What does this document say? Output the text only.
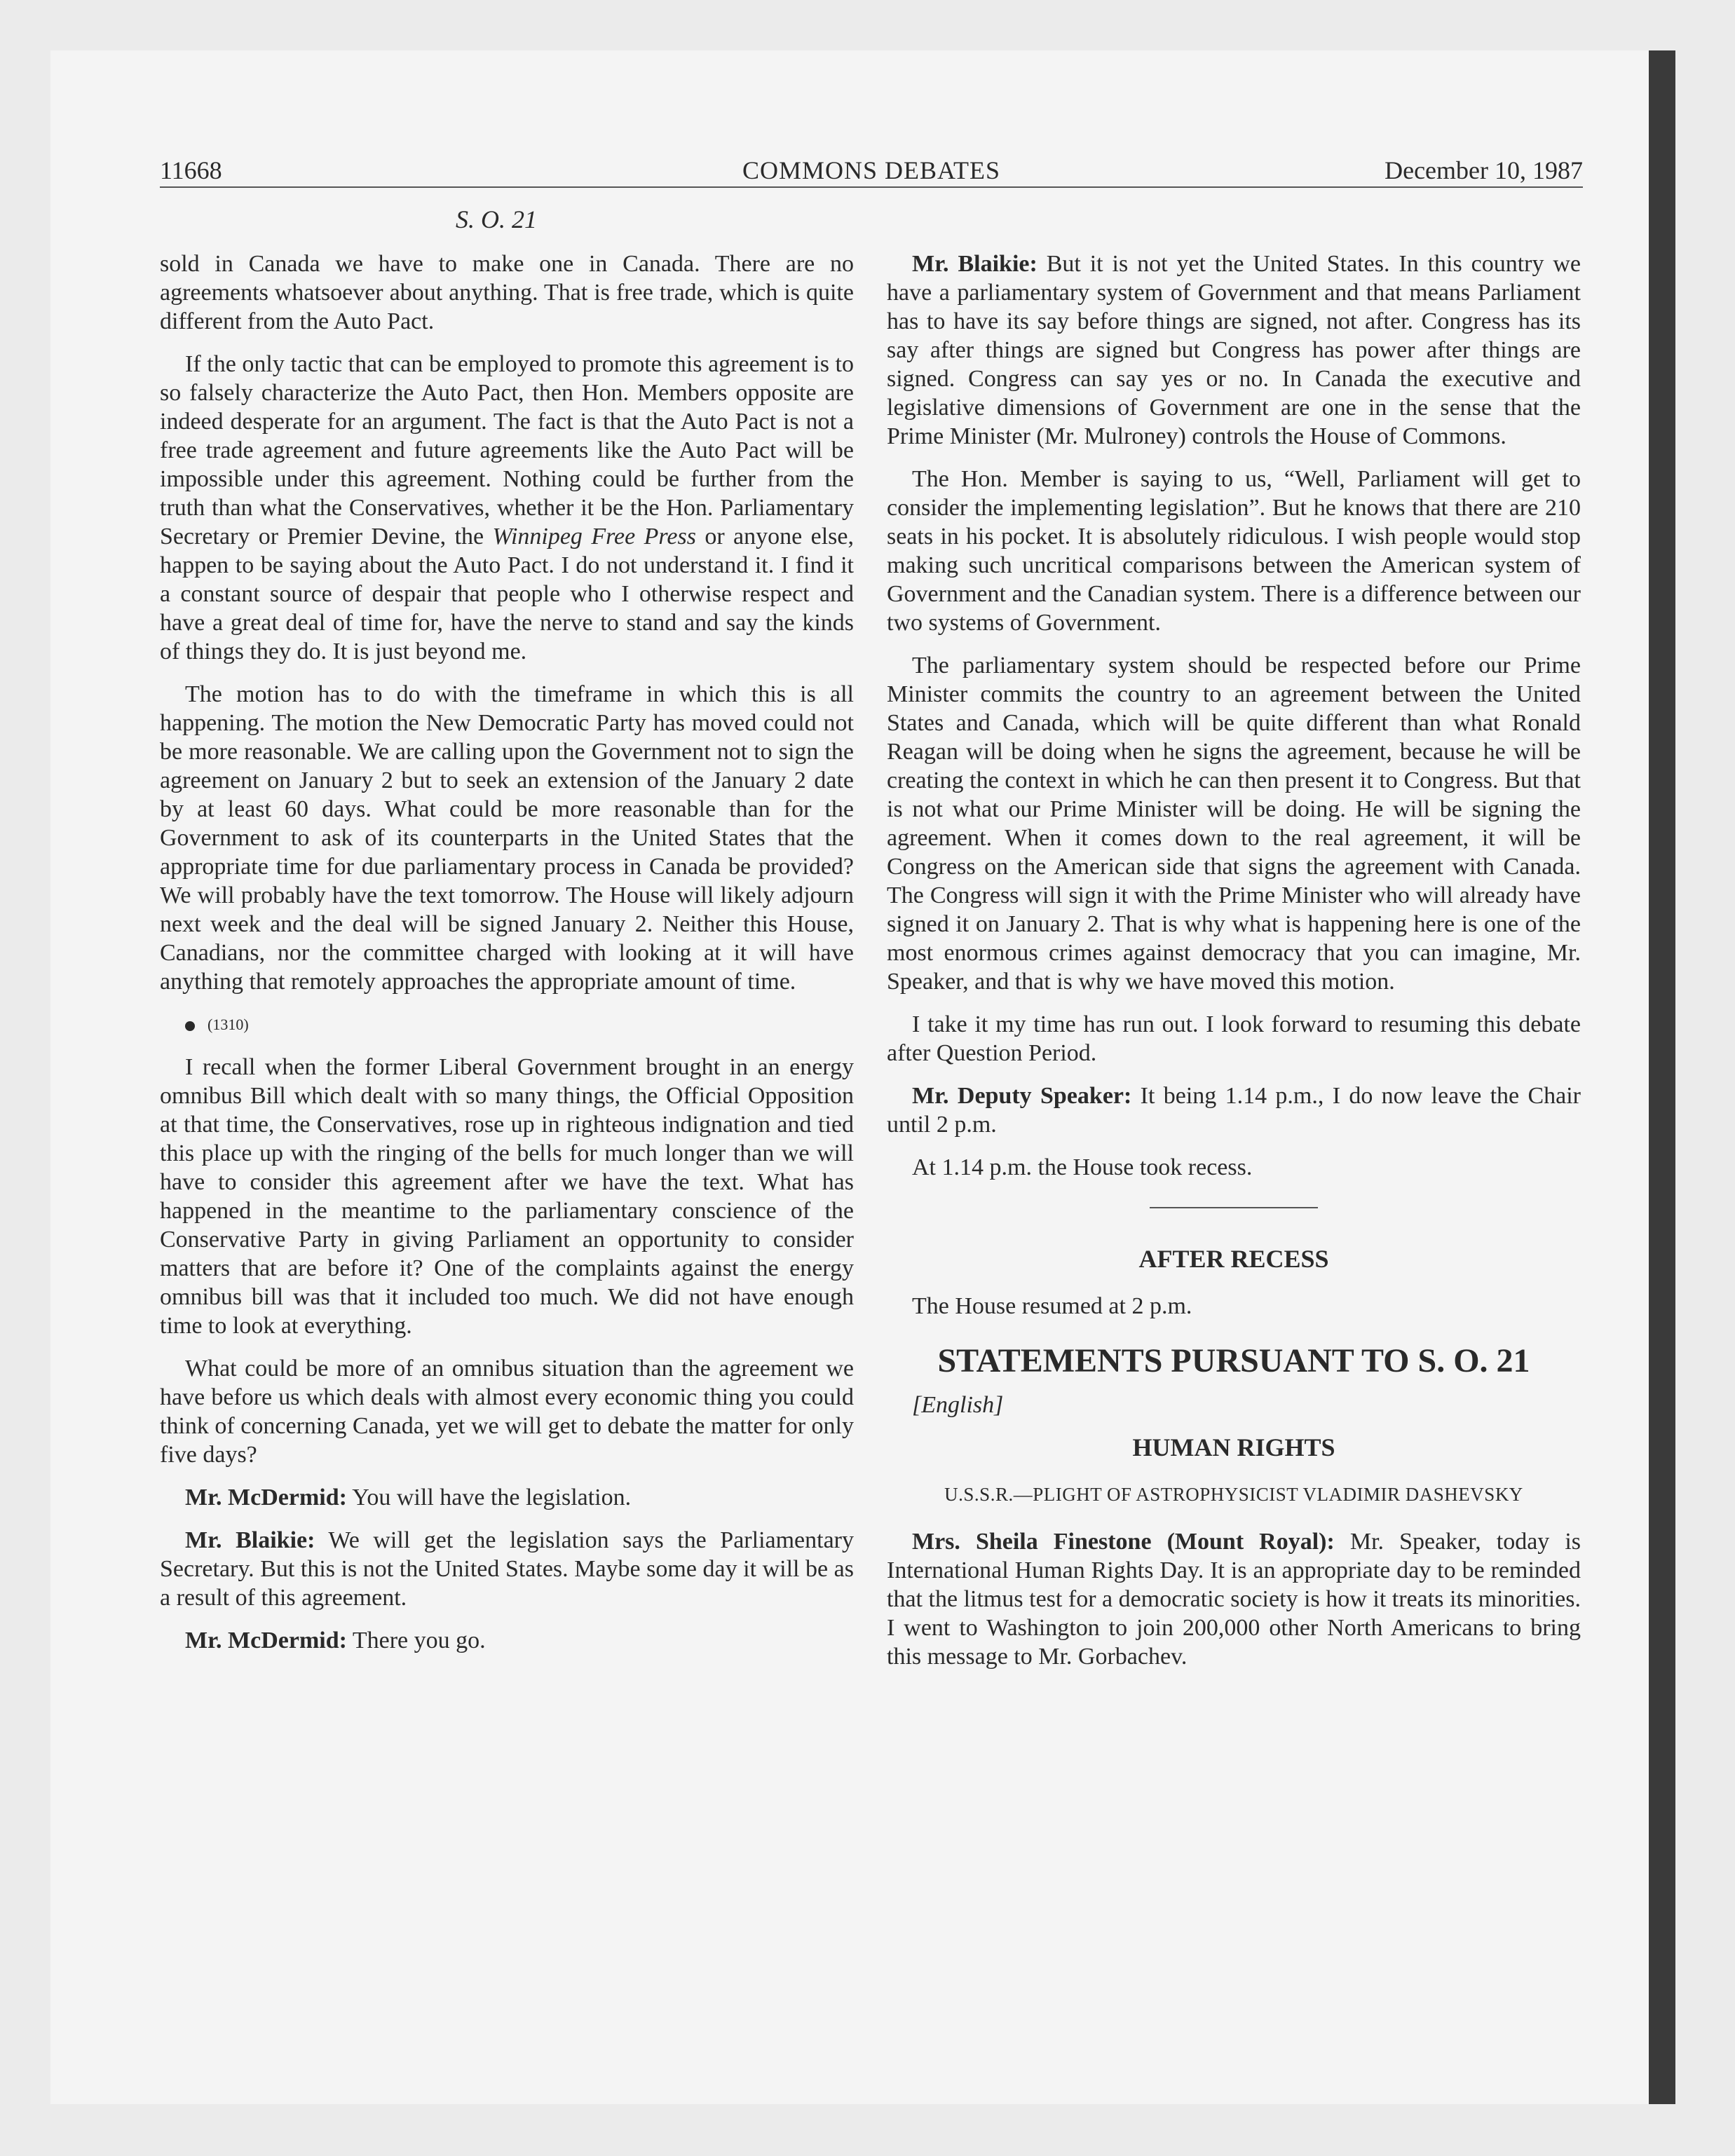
11668	COMMONS DEBATES	December 10, 1987
S. O. 21

sold in Canada we have to make one in Canada. There are no agreements whatsoever about anything. That is free trade, which is quite different from the Auto Pact.

If the only tactic that can be employed to promote this agreement is to so falsely characterize the Auto Pact, then Hon. Members opposite are indeed desperate for an argument. The fact is that the Auto Pact is not a free trade agreement and future agreements like the Auto Pact will be impossible under this agreement. Nothing could be further from the truth than what the Conservatives, whether it be the Hon. Parliamentary Secretary or Premier Devine, the Winnipeg Free Press or anyone else, happen to be saying about the Auto Pact. I do not understand it. I find it a constant source of despair that people who I otherwise respect and have a great deal of time for, have the nerve to stand and say the kinds of things they do. It is just beyond me.

The motion has to do with the timeframe in which this is all happening. The motion the New Democratic Party has moved could not be more reasonable. We are calling upon the Government not to sign the agreement on January 2 but to seek an extension of the January 2 date by at least 60 days. What could be more reasonable than for the Government to ask of its counterparts in the United States that the appropriate time for due parliamentary process in Canada be provided? We will probably have the text tomorrow. The House will likely adjourn next week and the deal will be signed January 2. Neither this House, Canadians, nor the committee charged with looking at it will have anything that remotely approaches the appropriate amount of time.

(1310)

I recall when the former Liberal Government brought in an energy omnibus Bill which dealt with so many things, the Official Opposition at that time, the Conservatives, rose up in righteous indignation and tied this place up with the ringing of the bells for much longer than we will have to consider this agreement after we have the text. What has happened in the meantime to the parliamentary conscience of the Conservative Party in giving Parliament an opportunity to consider matters that are before it? One of the complaints against the energy omnibus bill was that it included too much. We did not have enough time to look at everything.

What could be more of an omnibus situation than the agreement we have before us which deals with almost every economic thing you could think of concerning Canada, yet we will get to debate the matter for only five days?

Mr. McDermid: You will have the legislation.

Mr. Blaikie: We will get the legislation says the Parliamentary Secretary. But this is not the United States. Maybe some day it will be as a result of this agreement.

Mr. McDermid: There you go.

Mr. Blaikie: But it is not yet the United States. In this country we have a parliamentary system of Government and that means Parliament has to have its say before things are signed, not after. Congress has its say after things are signed but Congress has power after things are signed. Congress can say yes or no. In Canada the executive and legislative dimensions of Government are one in the sense that the Prime Minister (Mr. Mulroney) controls the House of Commons.

The Hon. Member is saying to us, “Well, Parliament will get to consider the implementing legislation”. But he knows that there are 210 seats in his pocket. It is absolutely ridiculous. I wish people would stop making such uncritical comparisons between the American system of Government and the Canadian system. There is a difference between our two systems of Government.

The parliamentary system should be respected before our Prime Minister commits the country to an agreement between the United States and Canada, which will be quite different than what Ronald Reagan will be doing when he signs the agreement, because he will be creating the context in which he can then present it to Congress. But that is not what our Prime Minister will be doing. He will be signing the agreement. When it comes down to the real agreement, it will be Congress on the American side that signs the agreement with Canada. The Congress will sign it with the Prime Minister who will already have signed it on January 2. That is why what is happening here is one of the most enormous crimes against democracy that you can imagine, Mr. Speaker, and that is why we have moved this motion.

I take it my time has run out. I look forward to resuming this debate after Question Period.

Mr. Deputy Speaker: It being 1.14 p.m., I do now leave the Chair until 2 p.m.

At 1.14 p.m. the House took recess.

AFTER RECESS

The House resumed at 2 p.m.

STATEMENTS PURSUANT TO S. O. 21

[English]

HUMAN RIGHTS
U.S.S.R.—PLIGHT OF ASTROPHYSICIST VLADIMIR DASHEVSKY

Mrs. Sheila Finestone (Mount Royal): Mr. Speaker, today is International Human Rights Day. It is an appropriate day to be reminded that the litmus test for a democratic society is how it treats its minorities. I went to Washington to join 200,000 other North Americans to bring this message to Mr. Gorbachev.
